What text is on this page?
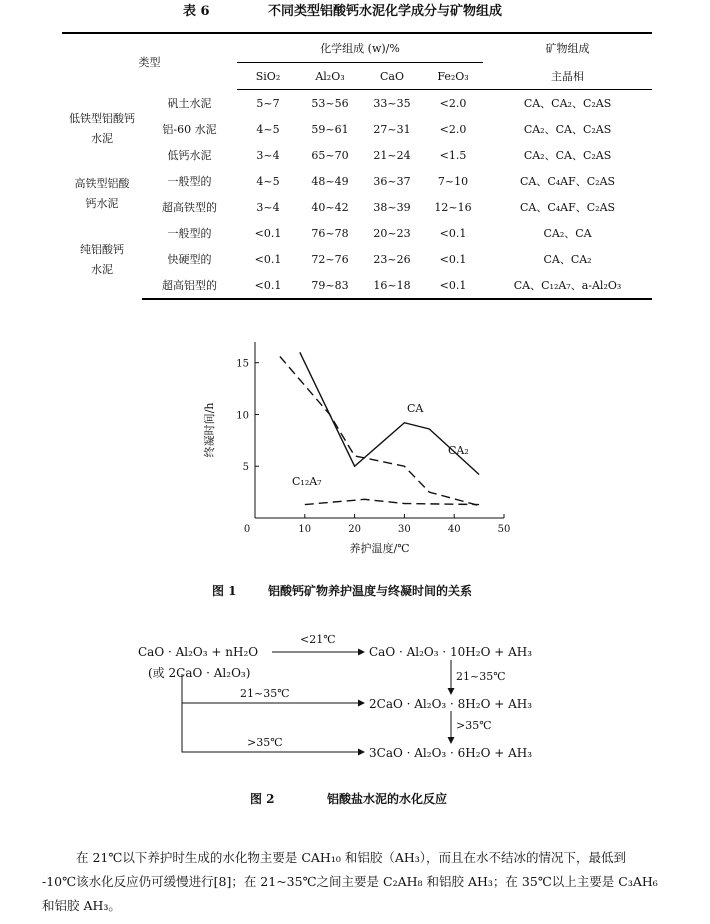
表 6	不同类型铝酸钙水泥化学成分与矿物组成
类型		化学组成 (w)/%				矿物组成
		SiO₂	Al₂O₃	CaO	Fe₂O₃	主晶相

低铁型铝酸钙
水泥	矾土水泥	5~7	53~56	33~35	<2.0	CA、CA₂、C₂AS
	铝-60 水泥	4~5	59~61	27~31	<2.0	CA₂、CA、C₂AS
	低钙水泥	3~4	65~70	21~24	<1.5	CA₂、CA、C₂AS

高铁型铝酸
钙水泥	一般型的	4~5	48~49	36~37	7~10	CA、C₄AF、C₂AS
	超高铁型的	3~4	40~42	38~39	12~16	CA、C₄AF、C₂AS

纯铝酸钙
水泥	一般型的	<0.1	76~78	20~23	<0.1	CA₂、CA
	快硬型的	<0.1	72~76	23~26	<0.1	CA、CA₂
	超高铝型的	<0.1	79~83	16~18	<0.1	CA、C₁₂A₇、a-Al₂O₃
0	10	20	30	40	50
5
10
15
养护温度/℃
终凝时间/h	CA
CA₂
C₁₂A₇
图 1	铝酸钙矿物养护温度与终凝时间的关系
CaO · Al₂O₃ + nH₂O
(或 2CaO · Al₂O₃)
<21℃
21~35℃
>35℃
CaO · Al₂O₃ · 10H₂O + AH₃
2CaO · Al₂O₃ · 8H₂O + AH₃
3CaO · Al₂O₃ · 6H₂O + AH₃
21~35℃
>35℃
图 2	铝酸盐水泥的水化反应
在 21℃以下养护时生成的水化物主要是 CAH₁₀ 和铝胶（AH₃），而且在水不结冰的情况下，最低到
-10℃该水化反应仍可缓慢进行[8]；在 21~35℃之间主要是 C₂AH₈ 和铝胶 AH₃；在 35℃以上主要是 C₃AH₆
和铝胶 AH₃。
